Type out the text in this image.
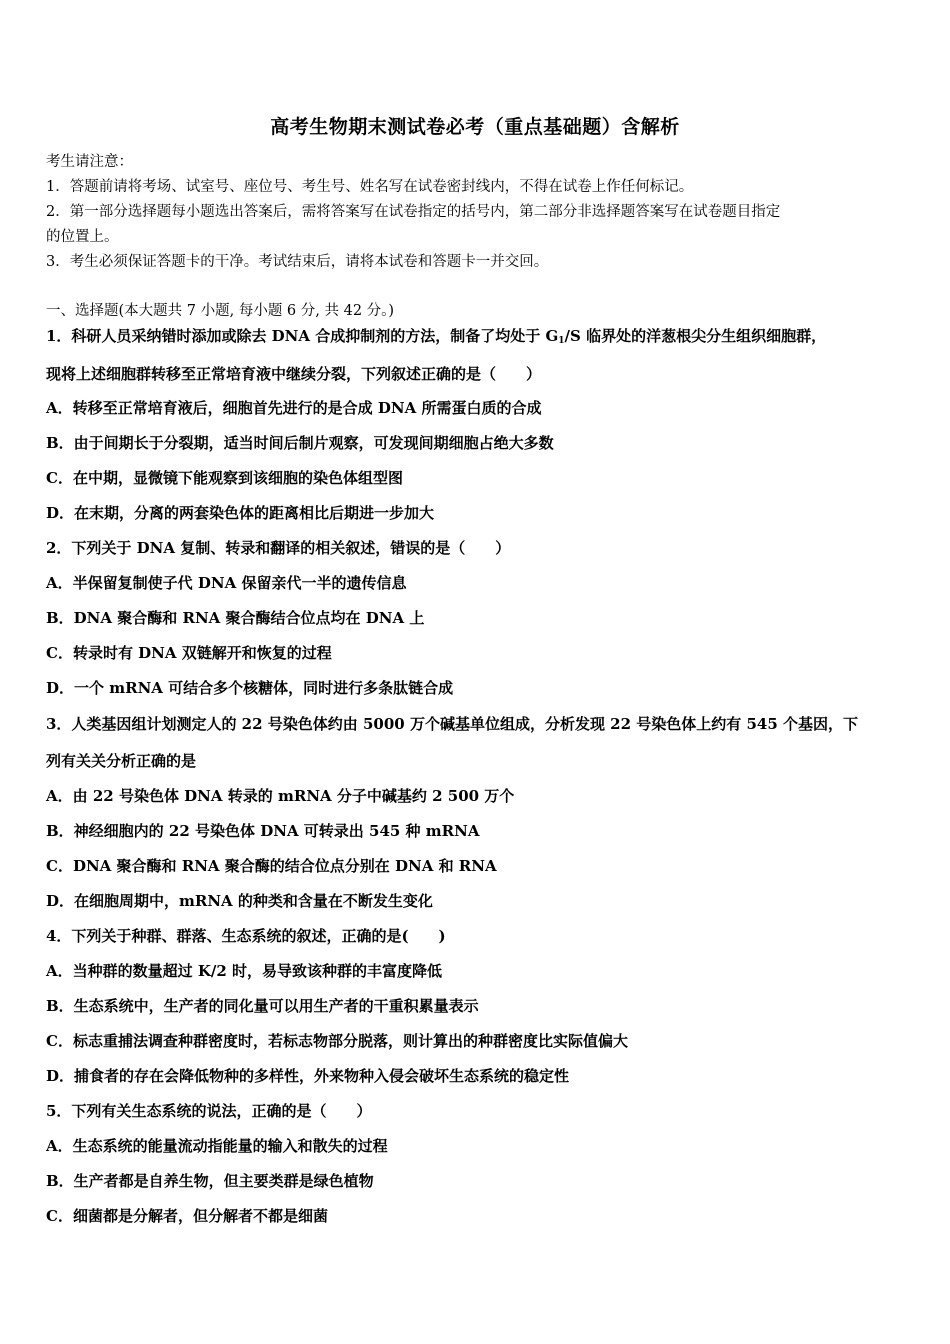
高考生物期末测试卷必考（重点基础题）含解析
考生请注意：
1．答题前请将考场、试室号、座位号、考生号、姓名写在试卷密封线内，不得在试卷上作任何标记。
2．第一部分选择题每小题选出答案后，需将答案写在试卷指定的括号内，第二部分非选择题答案写在试卷题目指定
的位置上。
3．考生必须保证答题卡的干净。考试结束后，请将本试卷和答题卡一并交回。
一、选择题(本大题共 7 小题, 每小题 6 分, 共 42 分。)
1．科研人员采纳错时添加或除去 DNA 合成抑制剂的方法，制备了均处于 $G_1/S$ 临界处的洋葱根尖分生组织细胞群，
现将上述细胞群转移至正常培育液中继续分裂，下列叙述正确的是（　　）
A．转移至正常培育液后，细胞首先进行的是合成 DNA 所需蛋白质的合成
B．由于间期长于分裂期，适当时间后制片观察，可发现间期细胞占绝大多数
C．在中期，显微镜下能观察到该细胞的染色体组型图
D．在末期，分离的两套染色体的距离相比后期进一步加大
2．下列关于 DNA 复制、转录和翻译的相关叙述，错误的是（　　）
A．半保留复制使子代 DNA 保留亲代一半的遗传信息
B．DNA 聚合酶和 RNA 聚合酶结合位点均在 DNA 上
C．转录时有 DNA 双链解开和恢复的过程
D．一个 mRNA 可结合多个核糖体，同时进行多条肽链合成
3．人类基因组计划测定人的 22 号染色体约由 5000 万个碱基单位组成，分析发现 22 号染色体上约有 545 个基因，下
列有关关分析正确的是
A．由 22 号染色体 DNA 转录的 mRNA 分子中碱基约 2 500 万个
B．神经细胞内的 22 号染色体 DNA 可转录出 545 种 mRNA
C．DNA 聚合酶和 RNA 聚合酶的结合位点分别在 DNA 和 RNA
D．在细胞周期中，mRNA 的种类和含量在不断发生变化
4．下列关于种群、群落、生态系统的叙述，正确的是(　　)
A．当种群的数量超过 K/2 时，易导致该种群的丰富度降低
B．生态系统中，生产者的同化量可以用生产者的干重积累量表示
C．标志重捕法调查种群密度时，若标志物部分脱落，则计算出的种群密度比实际值偏大
D．捕食者的存在会降低物种的多样性，外来物种入侵会破坏生态系统的稳定性
5．下列有关生态系统的说法，正确的是（　　）
A．生态系统的能量流动指能量的输入和散失的过程
B．生产者都是自养生物，但主要类群是绿色植物
C．细菌都是分解者，但分解者不都是细菌
